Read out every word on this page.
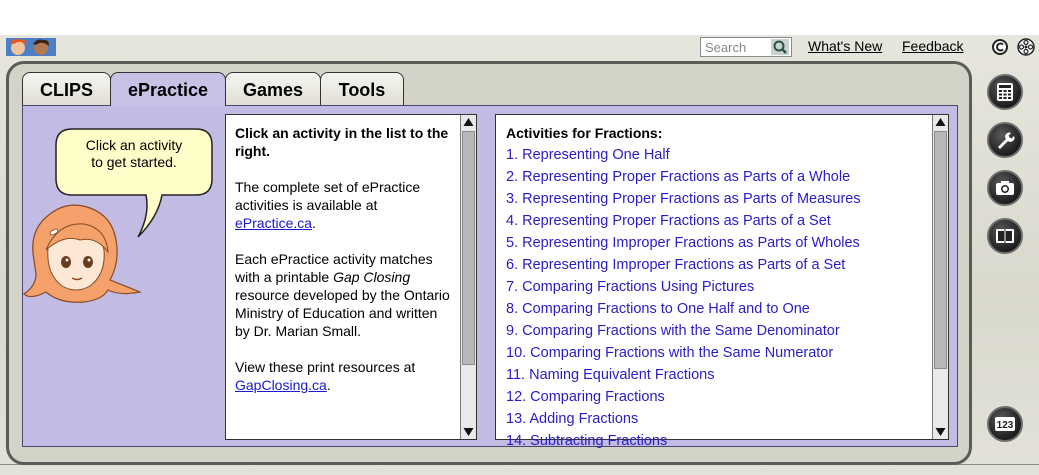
Search	What's New Feedback
CLIPS	ePractice	Games	Tools
Click an activity
to get started.

Click an activity in the list to the right.

The complete set of ePractice activities is available at ePractice.ca.

Each ePractice activity matches with a printable Gap Closing resource developed by the Ontario Ministry of Education and written by Dr. Marian Small.

View these print resources at GapClosing.ca.

Activities for Fractions:
1. Representing One Half
2. Representing Proper Fractions as Parts of a Whole
3. Representing Proper Fractions as Parts of Measures
4. Representing Proper Fractions as Parts of a Set
5. Representing Improper Fractions as Parts of Wholes
6. Representing Improper Fractions as Parts of a Set
7. Comparing Fractions Using Pictures
8. Comparing Fractions to One Half and to One
9. Comparing Fractions with the Same Denominator
10. Comparing Fractions with the Same Numerator
11. Naming Equivalent Fractions
12. Comparing Fractions
13. Adding Fractions
14. Subtracting Fractions
123
